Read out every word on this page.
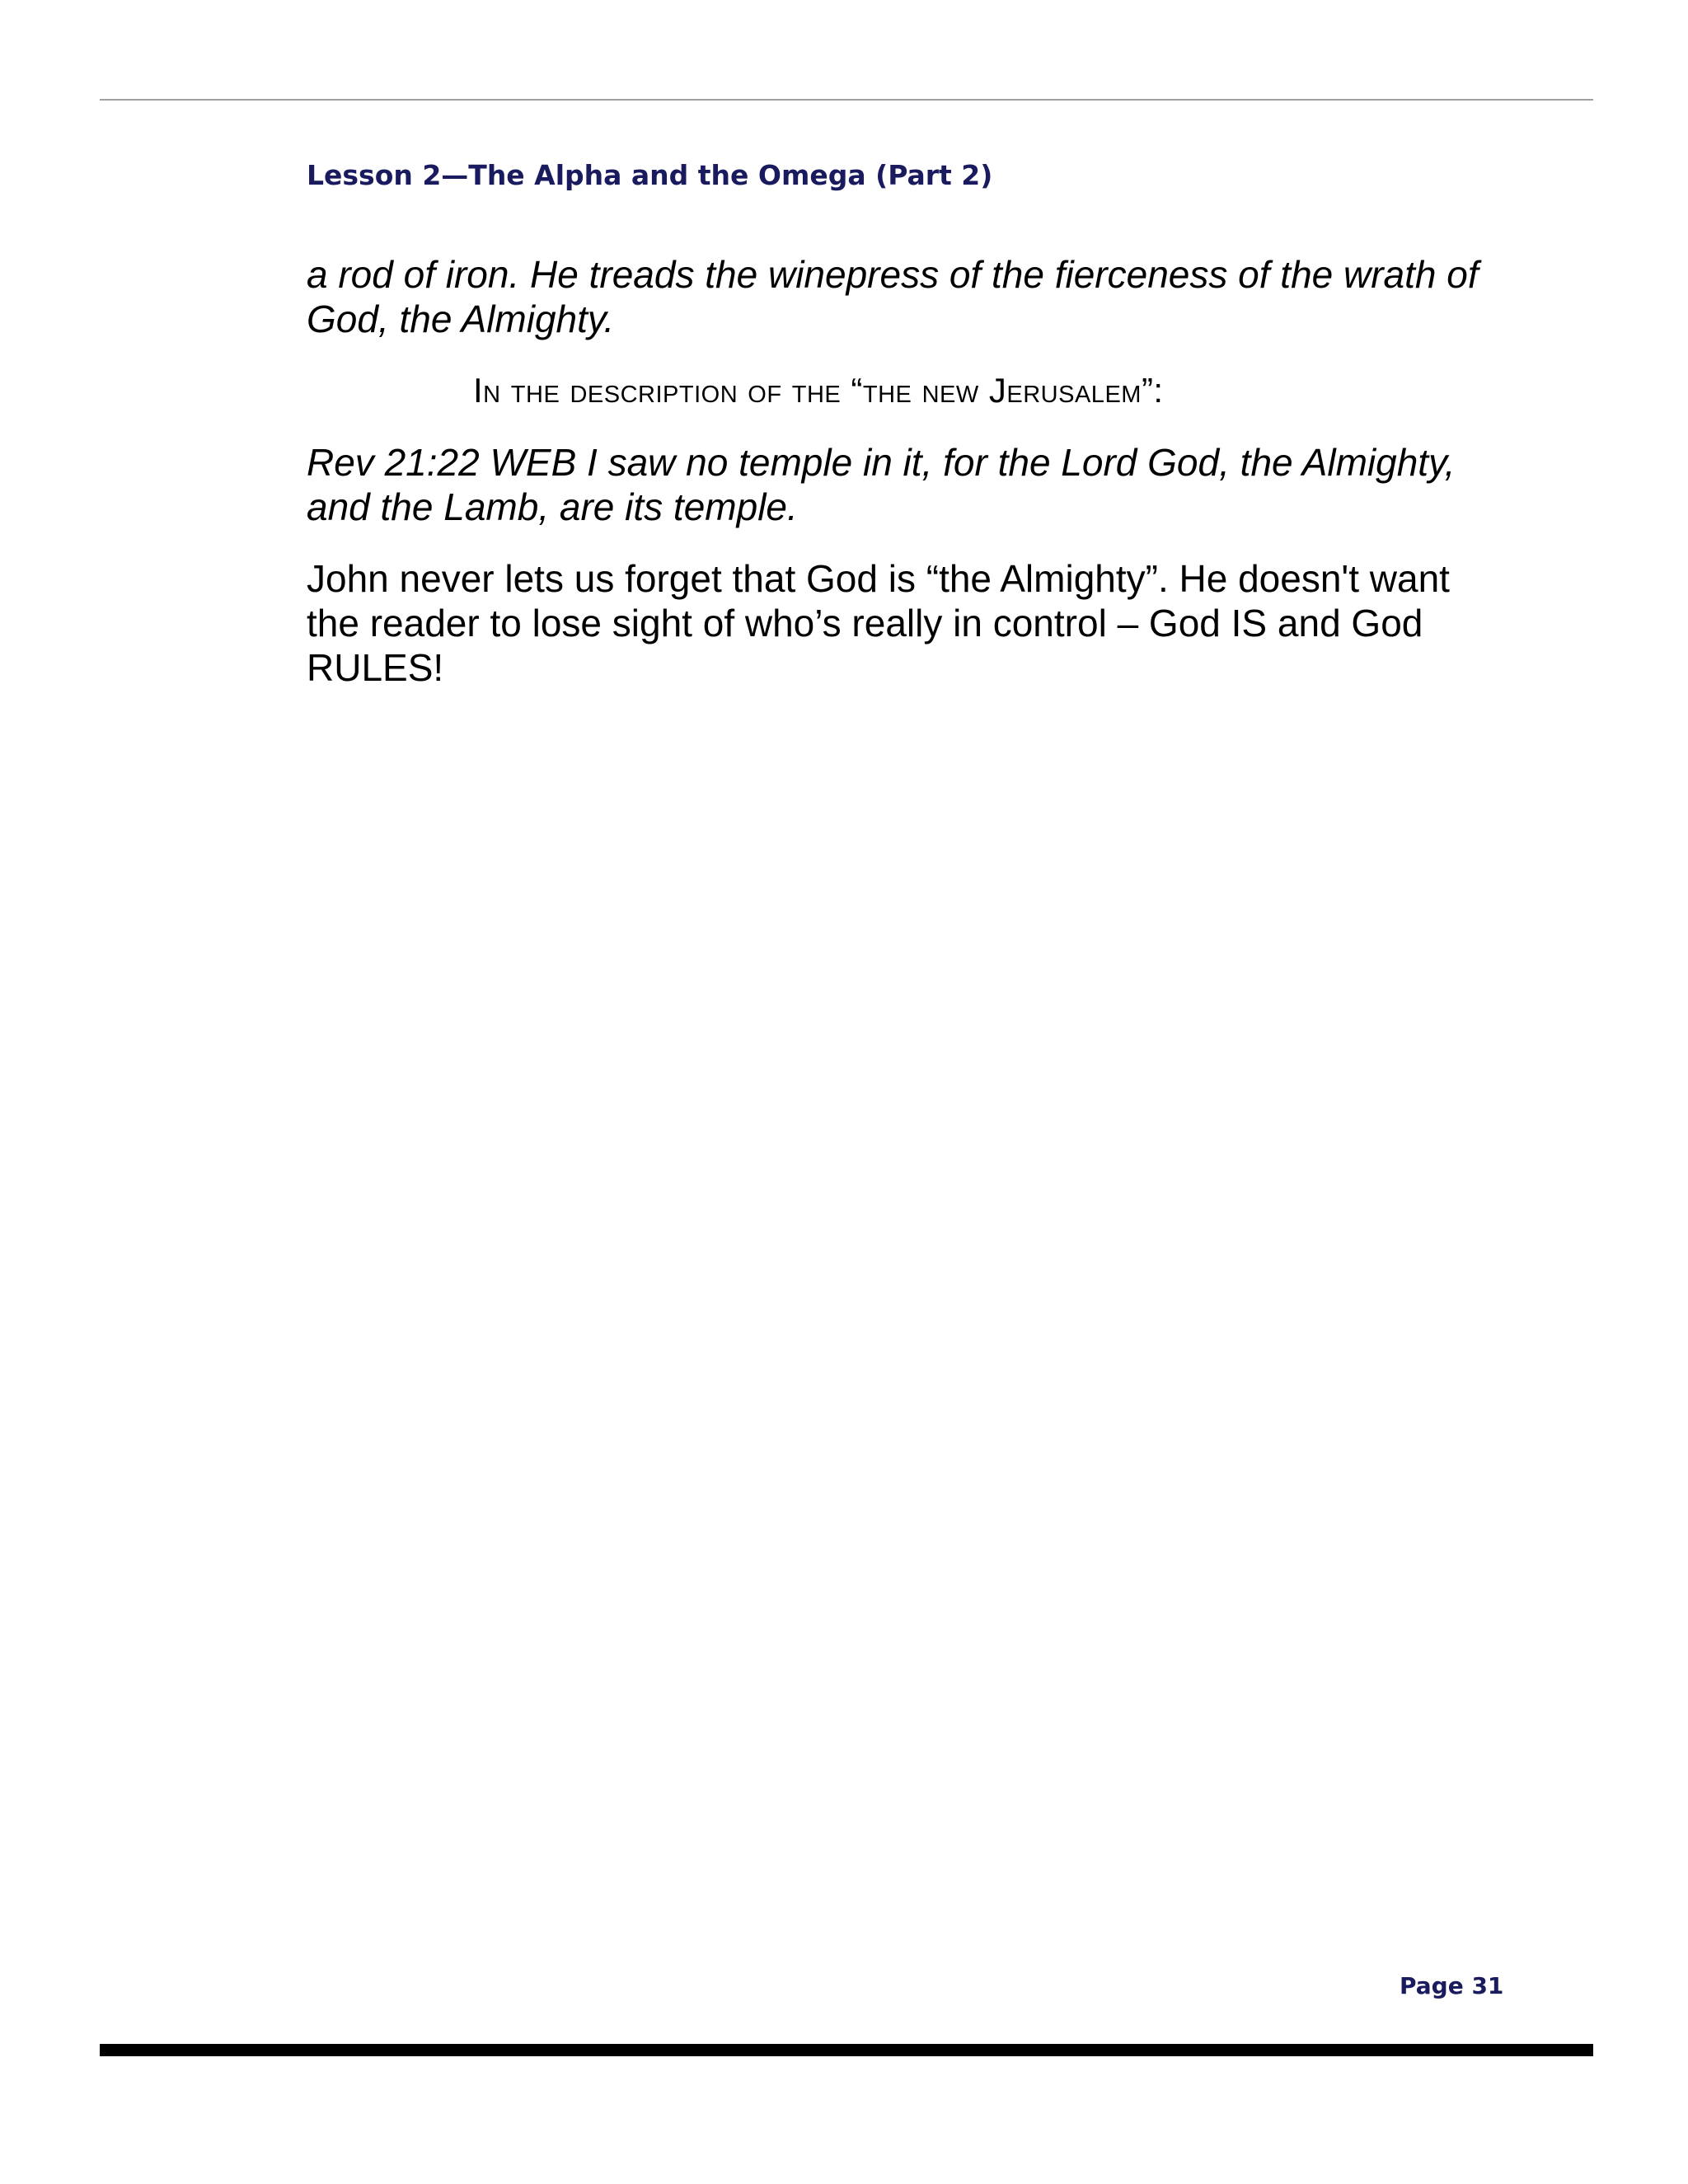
Lesson 2—The Alpha and the Omega (Part 2)

a rod of iron. He treads the winepress of the fierceness of the wrath of God, the Almighty.

In the description of the “the new Jerusalem”:

Rev 21:22 WEB I saw no temple in it, for the Lord God, the Almighty, and the Lamb, are its temple.

John never lets us forget that God is “the Almighty”. He doesn't want the reader to lose sight of who’s really in control – God IS and God RULES!

Page 31
